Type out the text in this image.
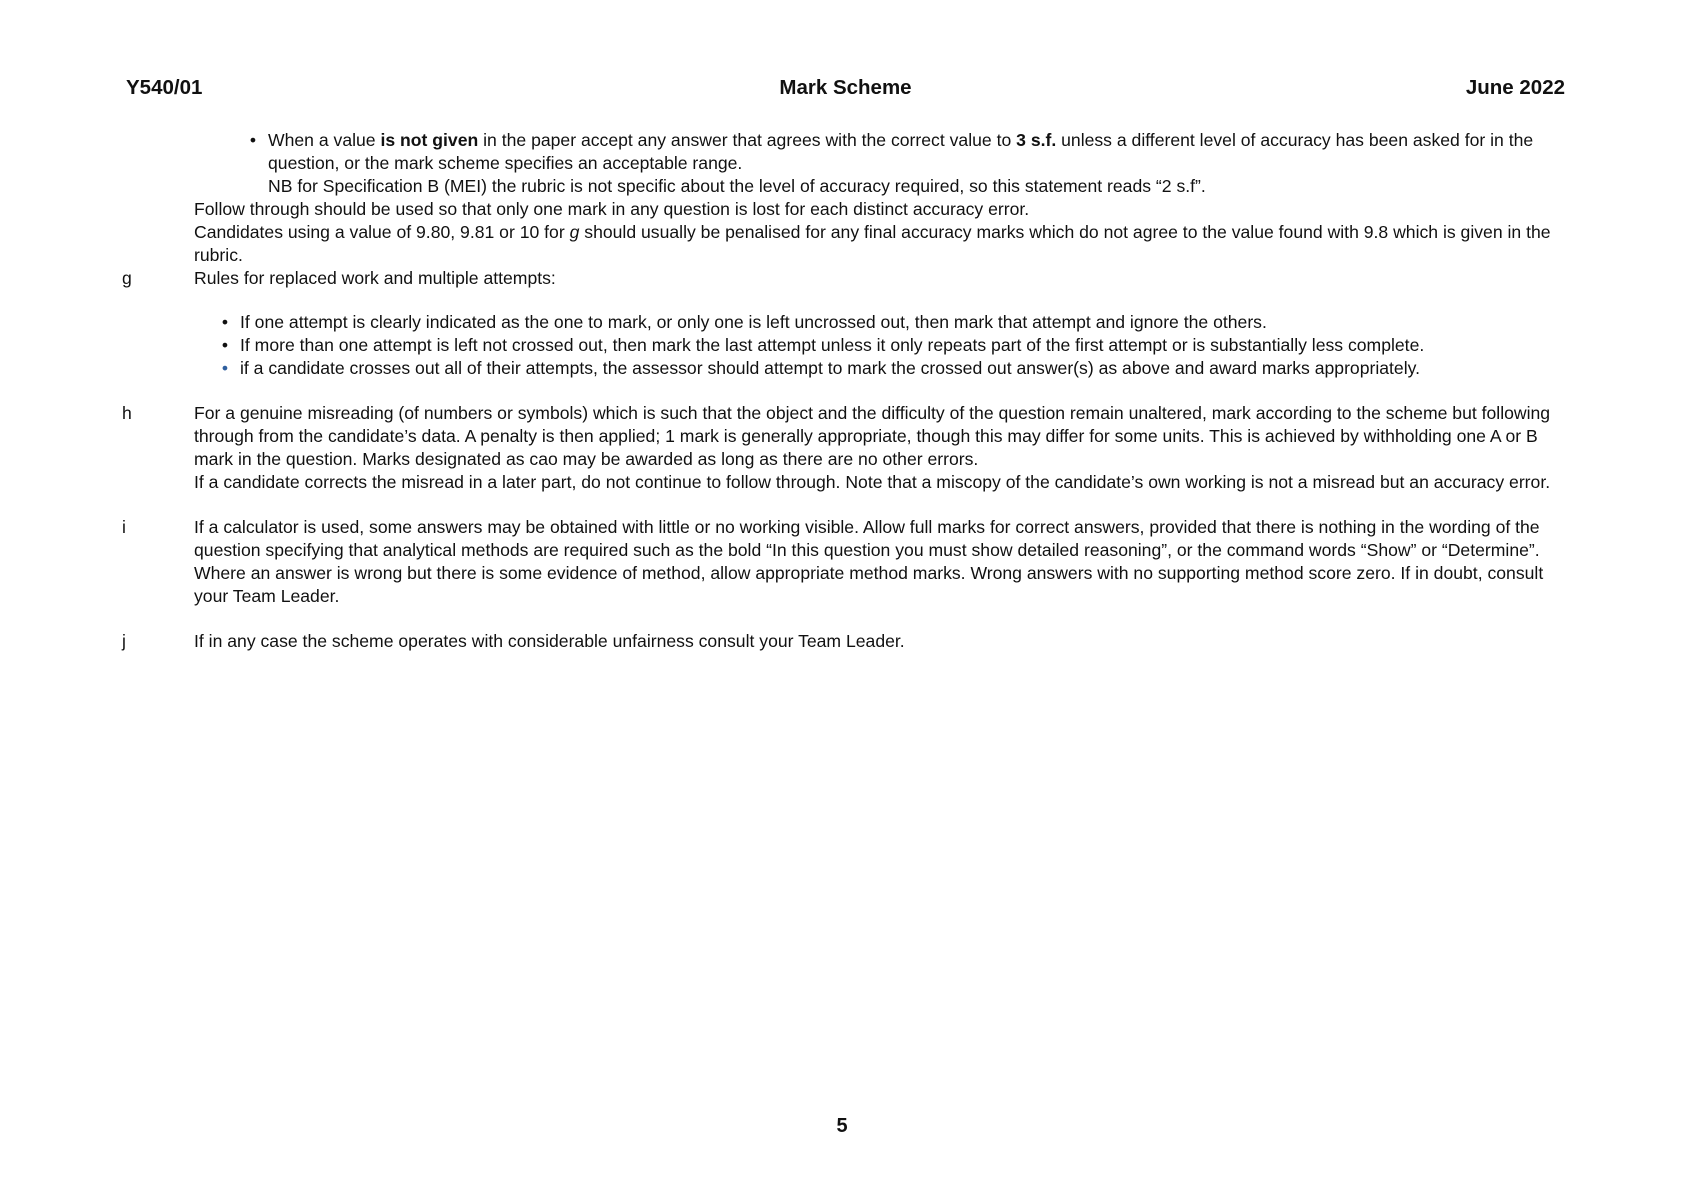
Y540/01	Mark Scheme	June 2022

• When a value is not given in the paper accept any answer that agrees with the correct value to 3 s.f. unless a different level of accuracy has been asked for in the question, or the mark scheme specifies an acceptable range.

NB for Specification B (MEI) the rubric is not specific about the level of accuracy required, so this statement reads “2 s.f”.

Follow through should be used so that only one mark in any question is lost for each distinct accuracy error.

Candidates using a value of 9.80, 9.81 or 10 for g should usually be penalised for any final accuracy marks which do not agree to the value found with 9.8 which is given in the rubric.

g	Rules for replaced work and multiple attempts:

• If one attempt is clearly indicated as the one to mark, or only one is left uncrossed out, then mark that attempt and ignore the others.

• If more than one attempt is left not crossed out, then mark the last attempt unless it only repeats part of the first attempt or is substantially less complete.

• if a candidate crosses out all of their attempts, the assessor should attempt to mark the crossed out answer(s) as above and award marks appropriately.

h	For a genuine misreading (of numbers or symbols) which is such that the object and the difficulty of the question remain unaltered, mark according to the scheme but following through from the candidate’s data. A penalty is then applied; 1 mark is generally appropriate, though this may differ for some units. This is achieved by withholding one A or B mark in the question. Marks designated as cao may be awarded as long as there are no other errors.

If a candidate corrects the misread in a later part, do not continue to follow through. Note that a miscopy of the candidate’s own working is not a misread but an accuracy error.

i	If a calculator is used, some answers may be obtained with little or no working visible. Allow full marks for correct answers, provided that there is nothing in the wording of the question specifying that analytical methods are required such as the bold “In this question you must show detailed reasoning”, or the command words “Show” or “Determine”. Where an answer is wrong but there is some evidence of method, allow appropriate method marks. Wrong answers with no supporting method score zero. If in doubt, consult your Team Leader.

j	If in any case the scheme operates with considerable unfairness consult your Team Leader.

5
